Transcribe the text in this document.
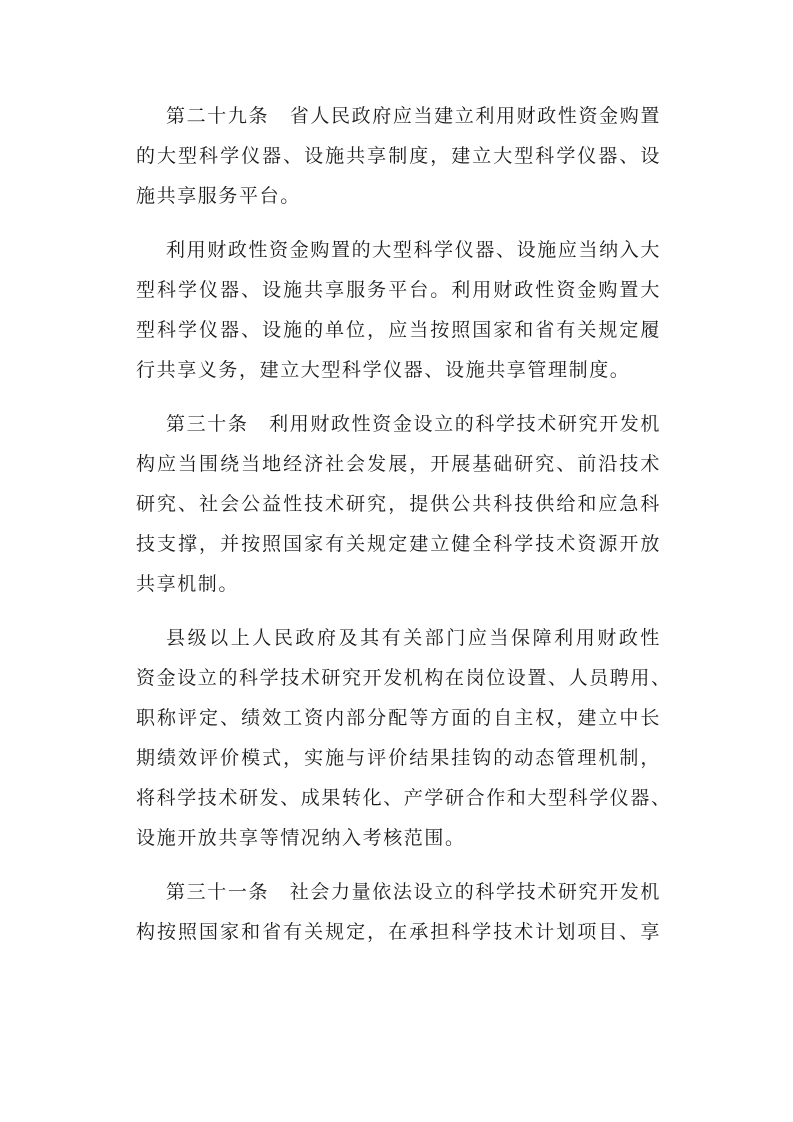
第二十九条　省人民政府应当建立利用财政性资金购置
的大型科学仪器、设施共享制度，建立大型科学仪器、设
施共享服务平台。
利用财政性资金购置的大型科学仪器、设施应当纳入大
型科学仪器、设施共享服务平台。利用财政性资金购置大
型科学仪器、设施的单位，应当按照国家和省有关规定履
行共享义务，建立大型科学仪器、设施共享管理制度。
第三十条　利用财政性资金设立的科学技术研究开发机
构应当围绕当地经济社会发展，开展基础研究、前沿技术
研究、社会公益性技术研究，提供公共科技供给和应急科
技支撑，并按照国家有关规定建立健全科学技术资源开放
共享机制。
县级以上人民政府及其有关部门应当保障利用财政性
资金设立的科学技术研究开发机构在岗位设置、人员聘用、
职称评定、绩效工资内部分配等方面的自主权，建立中长
期绩效评价模式，实施与评价结果挂钩的动态管理机制，
将科学技术研发、成果转化、产学研合作和大型科学仪器、
设施开放共享等情况纳入考核范围。
第三十一条　社会力量依法设立的科学技术研究开发机
构按照国家和省有关规定，在承担科学技术计划项目、享
